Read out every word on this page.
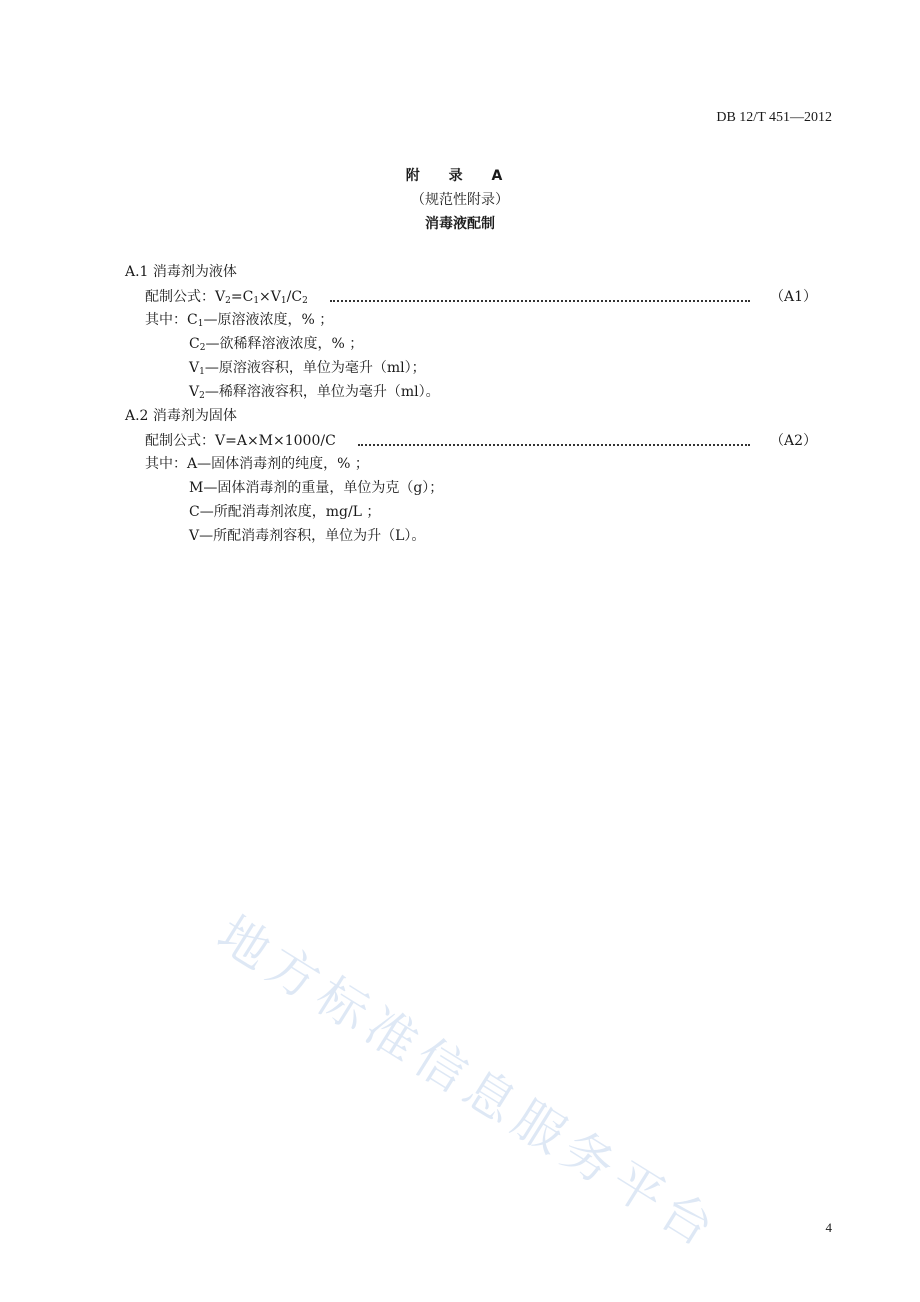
DB 12/T 451—2012
附 录 A
（规范性附录）
消毒液配制
A.1 消毒剂为液体
配制公式：$V_2=C_1\times V_1/C_2$	（A1）
其中：$C_1—$原溶液浓度，% ；
$C_2—$欲稀释溶液浓度，% ；
$V_1—$原溶液容积，单位为毫升（ml）；
$V_2—$稀释溶液容积，单位为毫升（ml）。
A.2 消毒剂为固体
配制公式：V=A×M×1000/C	（A2）
其中：A—固体消毒剂的纯度，% ；
M—固体消毒剂的重量，单位为克（g）；
C—所配消毒剂浓度，mg/L ；
V—所配消毒剂容积，单位为升（L）。
地方标准信息服务平台	4
